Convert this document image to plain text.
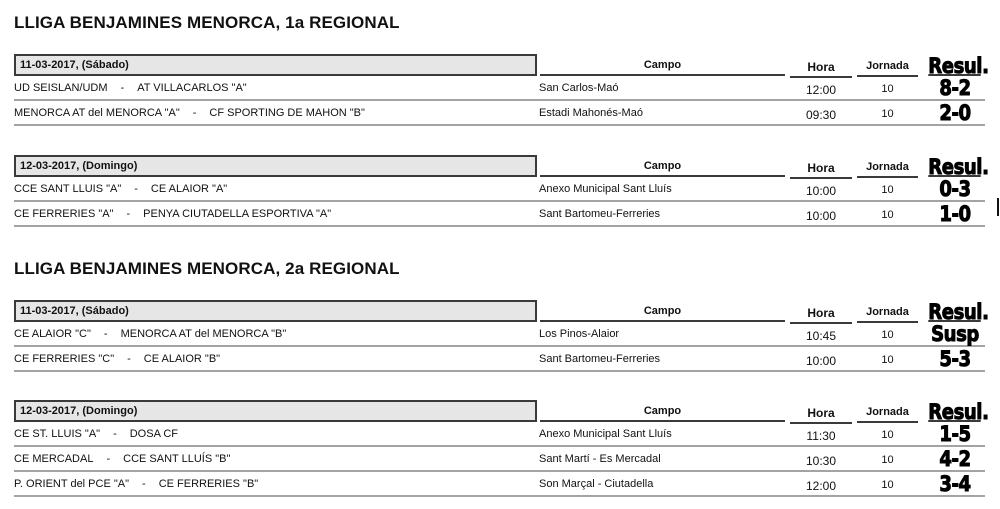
LLIGA BENJAMINES MENORCA, 1a REGIONAL
11-03-2017, (Sábado)	Campo	Hora	Jornada Resul.
UD SEISLAN/UDM - AT VILLACARLOS "A"	San Carlos-Maó	12:00	10	8-2
MENORCA AT del MENORCA "A" - CF SPORTING DE MAHON "B"	Estadi Mahonés-Maó	09:30	10	2-0
12-03-2017, (Domingo)	Campo	Hora	Jornada Resul.
CCE SANT LLUIS "A" - CE ALAIOR "A"	Anexo Municipal Sant Lluís	10:00	10	0-3
CE FERRERIES "A" - PENYA CIUTADELLA ESPORTIVA "A"	Sant Bartomeu-Ferreries	10:00	10	1-0
LLIGA BENJAMINES MENORCA, 2a REGIONAL
11-03-2017, (Sábado)	Campo	Hora	Jornada Resul.
CE ALAIOR "C" - MENORCA AT del MENORCA "B"	Los Pinos-Alaior	10:45	10	Susp
CE FERRERIES "C" - CE ALAIOR "B"	Sant Bartomeu-Ferreries	10:00	10	5-3
12-03-2017, (Domingo)	Campo	Hora	Jornada Resul.
CE ST. LLUIS "A" - DOSA CF	Anexo Municipal Sant Lluís	11:30	10	1-5
CE MERCADAL - CCE SANT LLUÍS "B"	Sant Martí - Es Mercadal	10:30	10	4-2
P. ORIENT del PCE "A" - CE FERRERIES "B"	Son Marçal - Ciutadella	12:00	10	3-4
